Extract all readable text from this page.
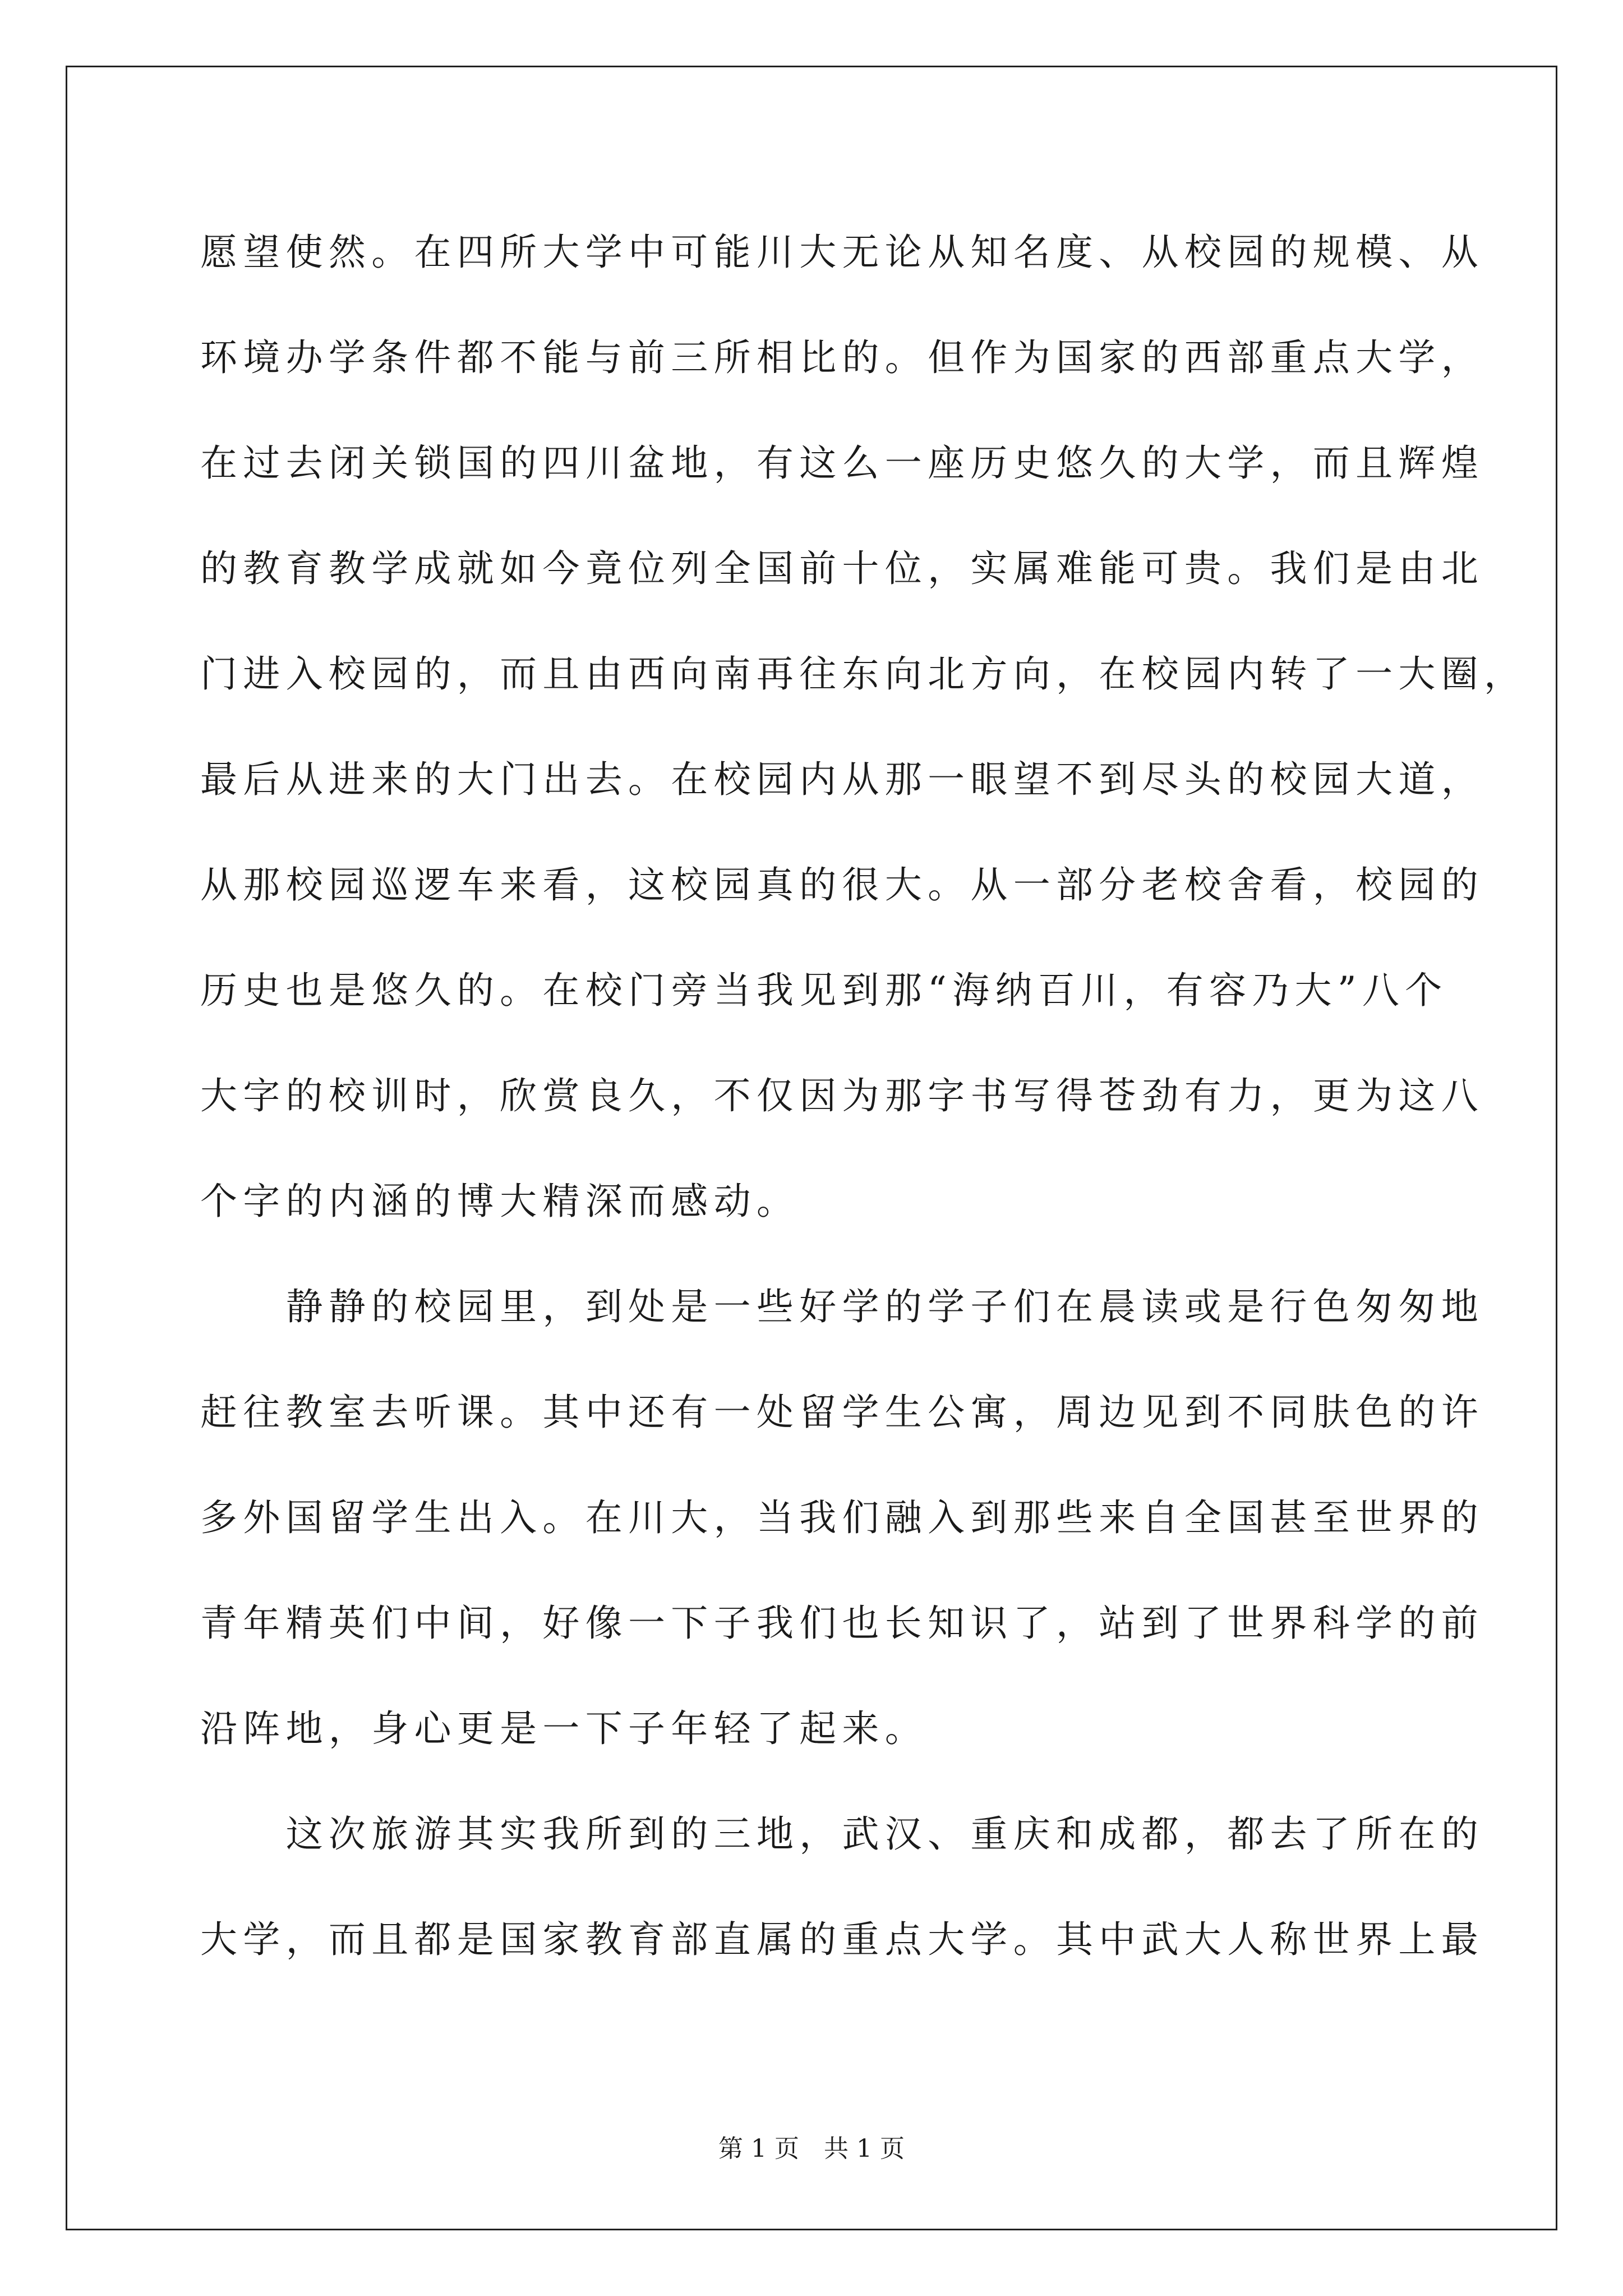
愿望使然。在四所大学中可能川大无论从知名度、从校园的规模、从
环境办学条件都不能与前三所相比的。但作为国家的西部重点大学，
在过去闭关锁国的四川盆地，有这么一座历史悠久的大学，而且辉煌
的教育教学成就如今竟位列全国前十位，实属难能可贵。我们是由北
门进入校园的，而且由西向南再往东向北方向，在校园内转了一大圈，
最后从进来的大门出去。在校园内从那一眼望不到尽头的校园大道，
从那校园巡逻车来看，这校园真的很大。从一部分老校舍看，校园的
历史也是悠久的。在校门旁当我见到那“海纳百川，有容乃大”八个
大字的校训时，欣赏良久，不仅因为那字书写得苍劲有力，更为这八
个字的内涵的博大精深而感动。
　　静静的校园里，到处是一些好学的学子们在晨读或是行色匆匆地
赶往教室去听课。其中还有一处留学生公寓，周边见到不同肤色的许
多外国留学生出入。在川大，当我们融入到那些来自全国甚至世界的
青年精英们中间，好像一下子我们也长知识了，站到了世界科学的前
沿阵地，身心更是一下子年轻了起来。
　　这次旅游其实我所到的三地，武汉、重庆和成都，都去了所在的
大学，而且都是国家教育部直属的重点大学。其中武大人称世界上最
第 1 页　共 1 页
